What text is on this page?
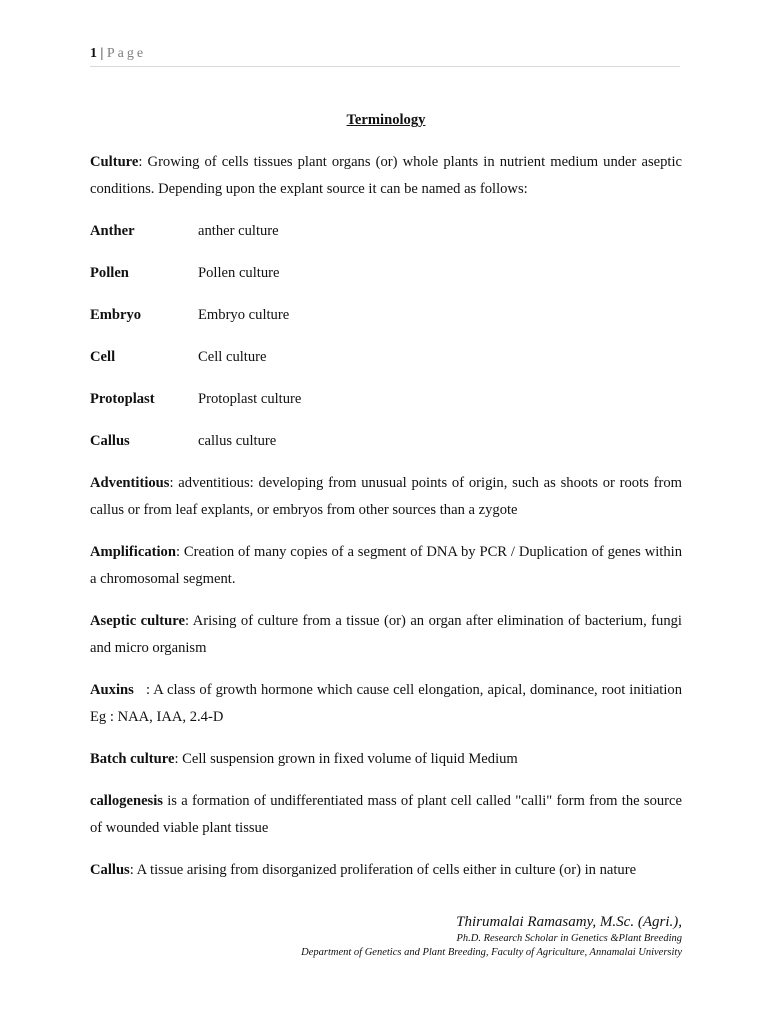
1 | Page
Terminology
Culture: Growing of cells tissues plant organs (or) whole plants in nutrient medium under aseptic conditions. Depending upon the explant source it can be named as follows:
Anther	anther culture
Pollen	Pollen culture
Embryo	Embryo culture
Cell	Cell culture
Protoplast	Protoplast culture
Callus	callus culture
Adventitious: adventitious: developing from unusual points of origin, such as shoots or roots from callus or from leaf explants, or embryos from other sources than a zygote
Amplification: Creation of many copies of a segment of DNA by PCR / Duplication of genes within a chromosomal segment.
Aseptic culture: Arising of culture from a tissue (or) an organ after elimination of bacterium, fungi and micro organism
Auxins   : A class of growth hormone which cause cell elongation, apical, dominance, root initiation Eg : NAA, IAA, 2.4-D
Batch culture: Cell suspension grown in fixed volume of liquid Medium
callogenesis is a formation of undifferentiated mass of plant cell called "calli" form from the source of wounded viable plant tissue
Callus: A tissue arising from disorganized proliferation of cells either in culture (or) in nature
Thirumalai Ramasamy, M.Sc. (Agri.),
Ph.D. Research Scholar in Genetics &Plant Breeding
Department of Genetics and Plant Breeding, Faculty of Agriculture, Annamalai University
